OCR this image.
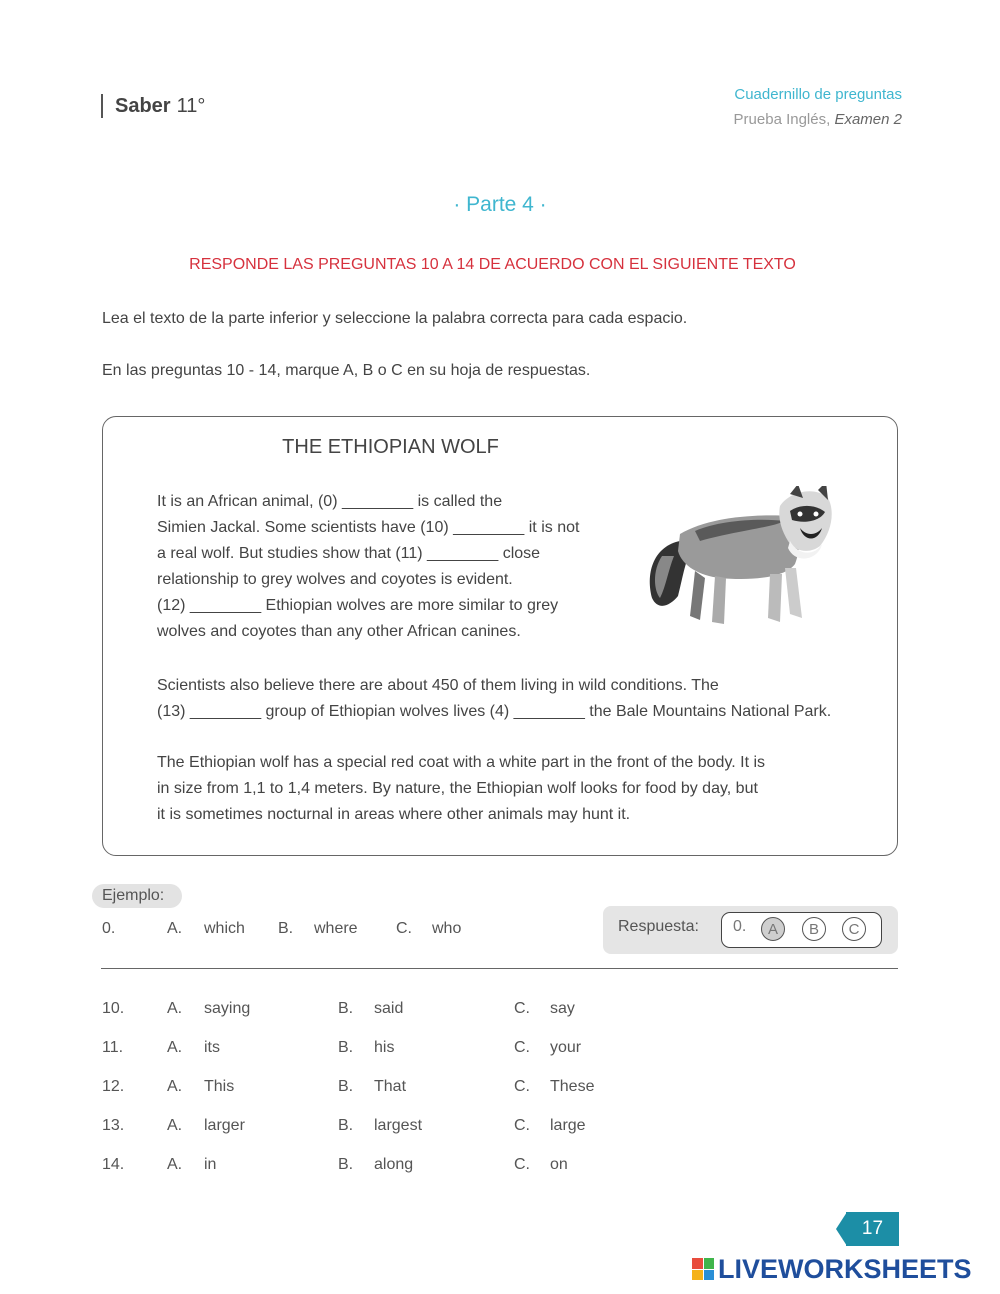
Saber 11°	Cuadernillo de preguntas
Prueba Inglés, Examen 2
· Parte 4 ·
RESPONDE LAS PREGUNTAS 10 A 14 DE ACUERDO CON EL SIGUIENTE TEXTO
Lea el texto de la parte inferior y seleccione la palabra correcta para cada espacio.
En las preguntas 10 - 14, marque A, B o C en su hoja de respuestas.
THE ETHIOPIAN WOLF
It is an African animal, (0) ________ is called the
Simien Jackal. Some scientists have (10) ________ it is not
a real wolf. But studies show that (11) ________ close
relationship to grey wolves and coyotes is evident.
(12) ________ Ethiopian wolves are more similar to grey
wolves and coyotes than any other African canines.
Scientists also believe there are about 450 of them living in wild conditions. The
(13) ________ group of Ethiopian wolves lives (4) ________ the Bale Mountains National Park.
The Ethiopian wolf has a special red coat with a white part in the front of the body. It is
in size from 1,1 to 1,4 meters. By nature, the Ethiopian wolf looks for food by day, but
it is sometimes nocturnal in areas where other animals may hunt it.
Ejemplo:
0.	A. which B. where C. who	Respuesta: 0.	A	B	C
10.	A. saying	B. said	C. say
11.	A. its	B. his	C. your
12.	A. This	B. That	C. These
13.	A. larger	B. largest	C. large
14.	A. in	B. along	C. on
17
LIVEWORKSHEETS
